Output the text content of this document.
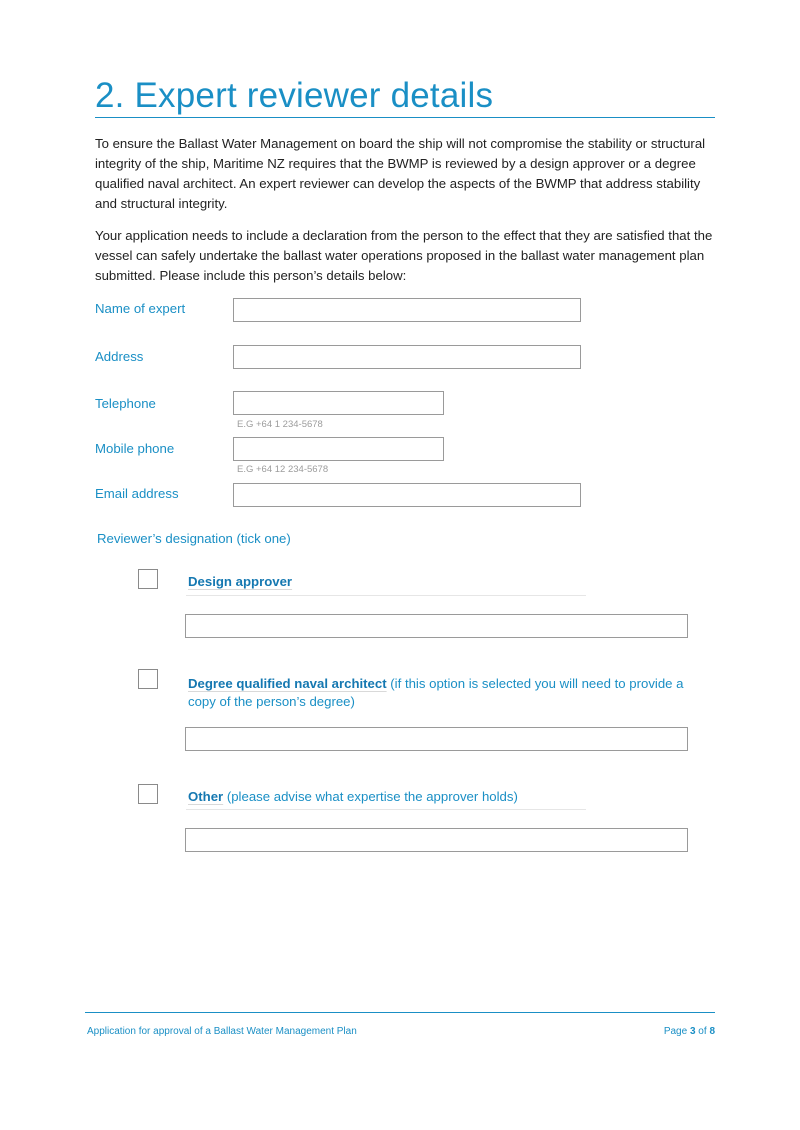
2. Expert reviewer details

To ensure the Ballast Water Management on board the ship will not compromise the stability or structural integrity of the ship, Maritime NZ requires that the BWMP is reviewed by a design approver or a degree qualified naval architect. An expert reviewer can develop the aspects of the BWMP that address stability and structural integrity.

Your application needs to include a declaration from the person to the effect that they are satisfied that the vessel can safely undertake the ballast water operations proposed in the ballast water management plan submitted. Please include this person’s details below:

Name of expert
Address
Telephone
E.G +64 1 234-5678
Mobile phone
E.G +64 12 234-5678
Email address
Reviewer’s designation (tick one)
Design approver
Degree qualified naval architect (if this option is selected you will need to provide a copy of the person’s degree)
Other (please advise what expertise the approver holds)
Application for approval of a Ballast Water Management Plan	Page 3 of 8
